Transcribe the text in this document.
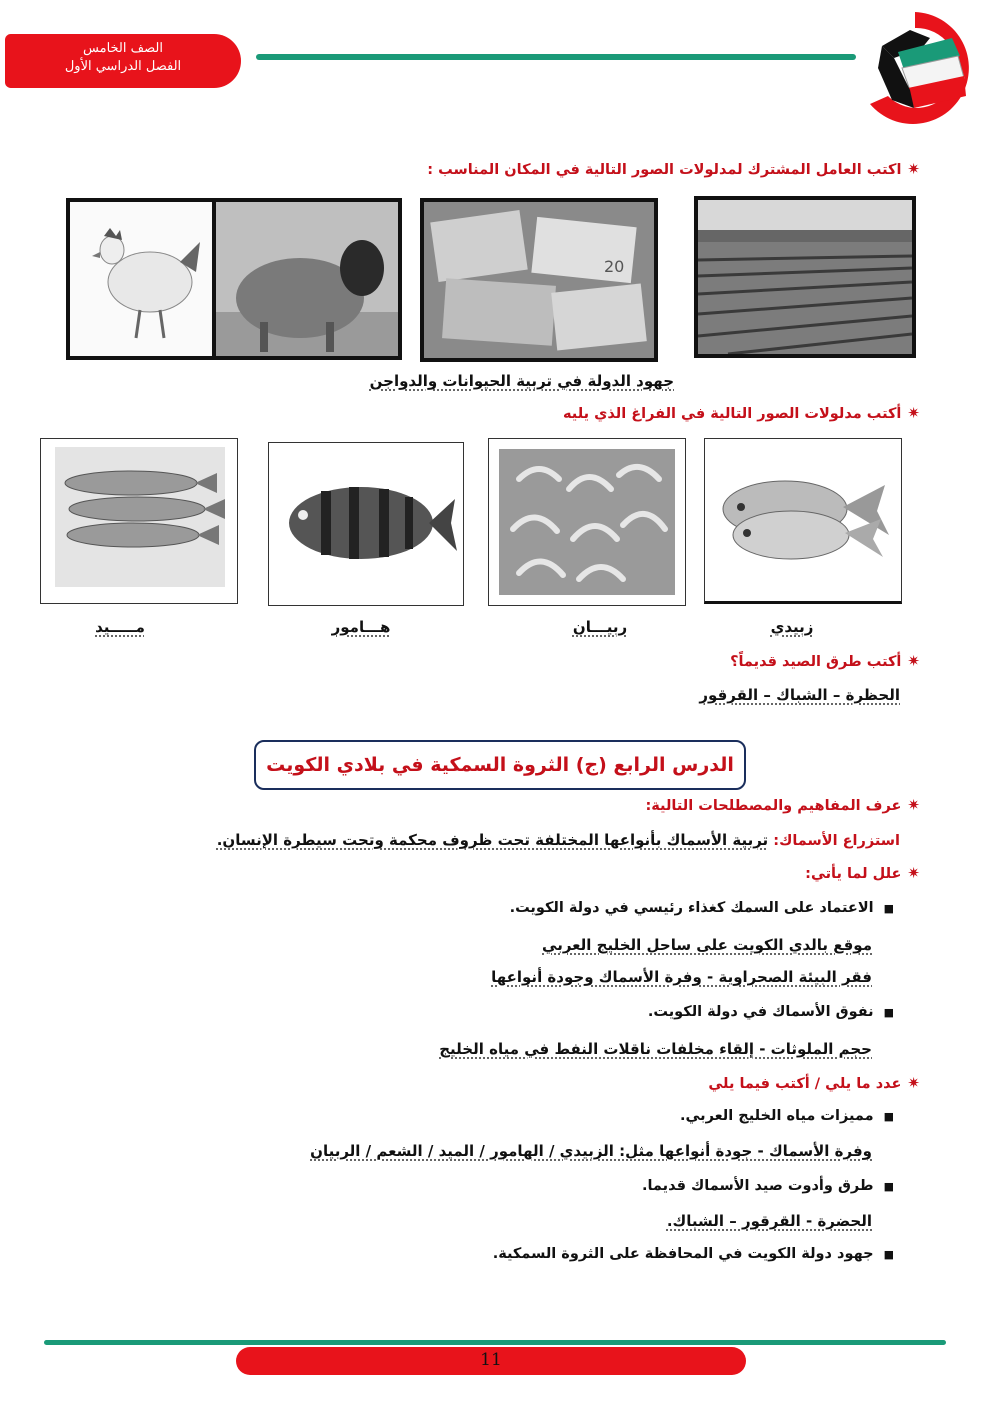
الصف الخامس
الفصل الدراسي الأول
✷اكتب العامل المشترك لمدلولات الصور التالية في المكان المناسب :
20
جهود الدولة في تربية الحيوانات والدواجن
✷أكتب مدلولات الصور التالية في الفراغ الذي يليه
زبيدي
ربيـــان
هـــامور
مـــــيد
✷أكتب طرق الصيد قديماً؟
الحظرة – الشباك – القرقور
الدرس الرابع (ج) الثروة السمكية في بلادي الكويت
✷عرف المفاهيم والمصطلحات التالية:
استزراع الأسماك: تربية الأسماك بأنواعها المختلفة تحت ظروف محكمة وتحت سيطرة الإنسان.
✷علل لما يأتي:
■الاعتماد على السمك كغذاء رئيسي في دولة الكويت.
موقع بالدي الكويت على ساحل الخليج العربي
فقر البيئة الصحراوية - وفرة الأسماك وجودة أنواعها
■نفوق الأسماك في دولة الكويت.
حجم الملوثات - إلقاء مخلفات ناقلات النفط في مياه الخليج
✷عدد ما يلي / أكتب فيما يلي
■مميزات مياه الخليج العربي.
وفرة الأسماك - جودة أنواعها مثل: الزبيدي / الهامور / الميد / الشعم / الربيان
■طرق وأدوت صيد الأسماك قديما.
الحضرة - القرقور – الشباك.
■جهود دولة الكويت في المحافظة على الثروة السمكية.
11
